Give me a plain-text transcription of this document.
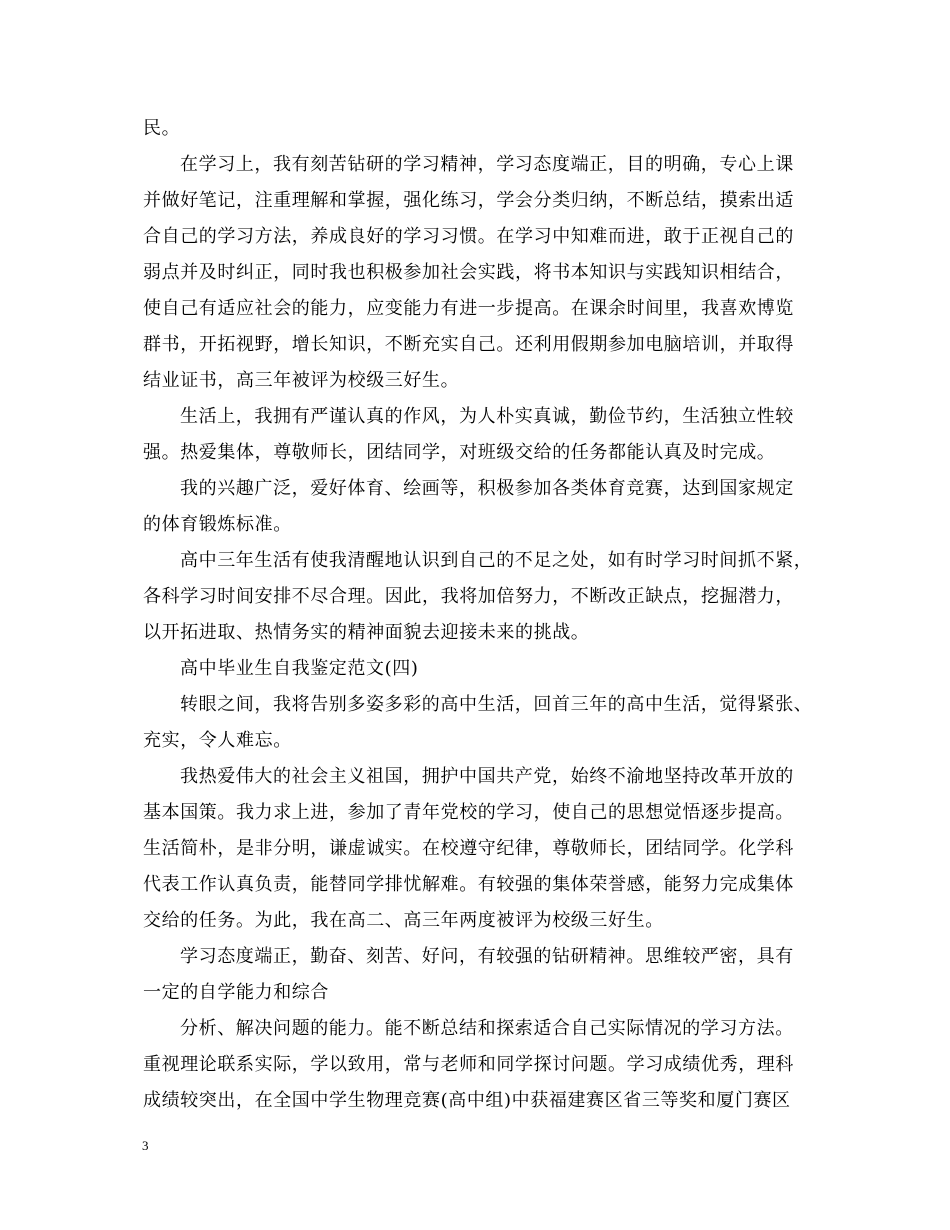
民。
在学习上，我有刻苦钻研的学习精神，学习态度端正，目的明确，专心上课
并做好笔记，注重理解和掌握，强化练习，学会分类归纳，不断总结，摸索出适
合自己的学习方法，养成良好的学习习惯。在学习中知难而进，敢于正视自己的
弱点并及时纠正，同时我也积极参加社会实践，将书本知识与实践知识相结合，
使自己有适应社会的能力，应变能力有进一步提高。在课余时间里，我喜欢博览
群书，开拓视野，增长知识，不断充实自己。还利用假期参加电脑培训，并取得
结业证书，高三年被评为校级三好生。
生活上，我拥有严谨认真的作风，为人朴实真诚，勤俭节约，生活独立性较
强。热爱集体，尊敬师长，团结同学，对班级交给的任务都能认真及时完成。
我的兴趣广泛，爱好体育、绘画等，积极参加各类体育竞赛，达到国家规定
的体育锻炼标准。
高中三年生活有使我清醒地认识到自己的不足之处，如有时学习时间抓不紧，
各科学习时间安排不尽合理。因此，我将加倍努力，不断改正缺点，挖掘潜力，
以开拓进取、热情务实的精神面貌去迎接未来的挑战。
高中毕业生自我鉴定范文(四)
转眼之间，我将告别多姿多彩的高中生活，回首三年的高中生活，觉得紧张、
充实，令人难忘。
我热爱伟大的社会主义祖国，拥护中国共产党，始终不渝地坚持改革开放的
基本国策。我力求上进，参加了青年党校的学习，使自己的思想觉悟逐步提高。
生活简朴，是非分明，谦虚诚实。在校遵守纪律，尊敬师长，团结同学。化学科
代表工作认真负责，能替同学排忧解难。有较强的集体荣誉感，能努力完成集体
交给的任务。为此，我在高二、高三年两度被评为校级三好生。
学习态度端正，勤奋、刻苦、好问，有较强的钻研精神。思维较严密，具有
一定的自学能力和综合
分析、解决问题的能力。能不断总结和探索适合自己实际情况的学习方法。
重视理论联系实际，学以致用，常与老师和同学探讨问题。学习成绩优秀，理科
成绩较突出，在全国中学生物理竞赛(高中组)中获福建赛区省三等奖和厦门赛区
3
